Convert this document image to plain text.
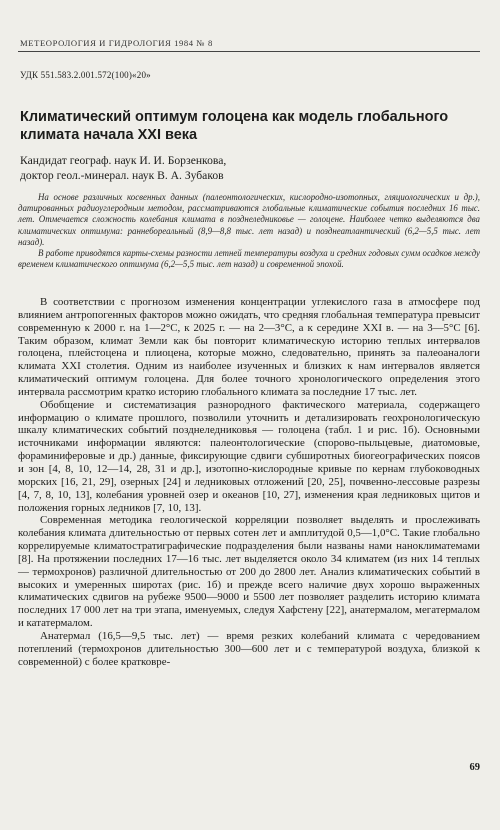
МЕТЕОРОЛОГИЯ И ГИДРОЛОГИЯ 1984 № 8
УДК 551.583.2.001.572(100)«20»
Климатический оптимум голоцена как модель глобального климата начала XXI века
Кандидат географ. наук И. И. Борзенкова,
доктор геол.-минерал. наук В. А. Зубаков

На основе различных косвенных данных (палеонтологических, кислородно-изотопных, гляциологических и др.), датированных радиоуглеродным методом, рассматриваются глобальные климатические события последних 16 тыс. лет. Отмечается сложность колебания климата в позднеледниковье — голоцене. Наиболее четко выделяются два климатических оптимума: раннебореальный (8,9—8,8 тыс. лет назад) и позднеатлантический (6,2—5,5 тыс. лет назад).

В работе приводятся карты-схемы разности летней температуры воздуха и средних годовых сумм осадков между временем климатического оптимума (6,2—5,5 тыс. лет назад) и современной эпохой.

В соответствии с прогнозом изменения концентрации углекислого газа в атмосфере под влиянием антропогенных факторов можно ожидать, что средняя глобальная температура превысит современную к 2000 г. на 1—2°С, к 2025 г. — на 2—3°С, а к середине XXI в. — на 3—5°С [6]. Таким образом, климат Земли как бы повторит климатическую историю теплых интервалов голоцена, плейстоцена и плиоцена, которые можно, следовательно, принять за палеоаналоги климата XXI столетия. Одним из наиболее изученных и близких к нам интервалов является климатический оптимум голоцена. Для более точного хронологического определения этого интервала рассмотрим кратко историю глобального климата за последние 17 тыс. лет.

Обобщение и систематизация разнородного фактического материала, содержащего информацию о климате прошлого, позволили уточнить и детализировать геохронологическую шкалу климатических событий позднеледниковья — голоцена (табл. 1 и рис. 1б). Основными источниками информации являются: палеонтологические (спорово-пыльцевые, диатомовые, фораминиферовые и др.) данные, фиксирующие сдвиги субширотных биогеографических поясов и зон [4, 8, 10, 12—14, 28, 31 и др.], изотопно-кислородные кривые по кернам глубоководных морских [16, 21, 29], озерных [24] и ледниковых отложений [20, 25], почвенно-лессовые разрезы [4, 7, 8, 10, 13], колебания уровней озер и океанов [10, 27], изменения края ледниковых щитов и положения горных ледников [7, 10, 13].

Современная методика геологической корреляции позволяет выделять и прослеживать колебания климата длительностью от первых сотен лет и амплитудой 0,5—1,0°С. Такие глобально коррелируемые климатостратиграфические подразделения были названы нами наноклиматемами [8]. На протяжении последних 17—16 тыс. лет выделяется около 34 климатем (из них 14 теплых — термохронов) различной длительностью от 200 до 2800 лет. Анализ климатических событий в высоких и умеренных широтах (рис. 1б) и прежде всего наличие двух хорошо выраженных климатических сдвигов на рубеже 9500—9000 и 5500 лет позволяет разделить историю климата последних 17 000 лет на три этапа, именуемых, следуя Хафстену [22], анатермалом, мегатермалом и кататермалом.

Анатермал (16,5—9,5 тыс. лет) — время резких колебаний климата с чередованием потеплений (термохронов длительностью 300—600 лет и с температурой воздуха, близкой к современной) с более кратковре-

69
